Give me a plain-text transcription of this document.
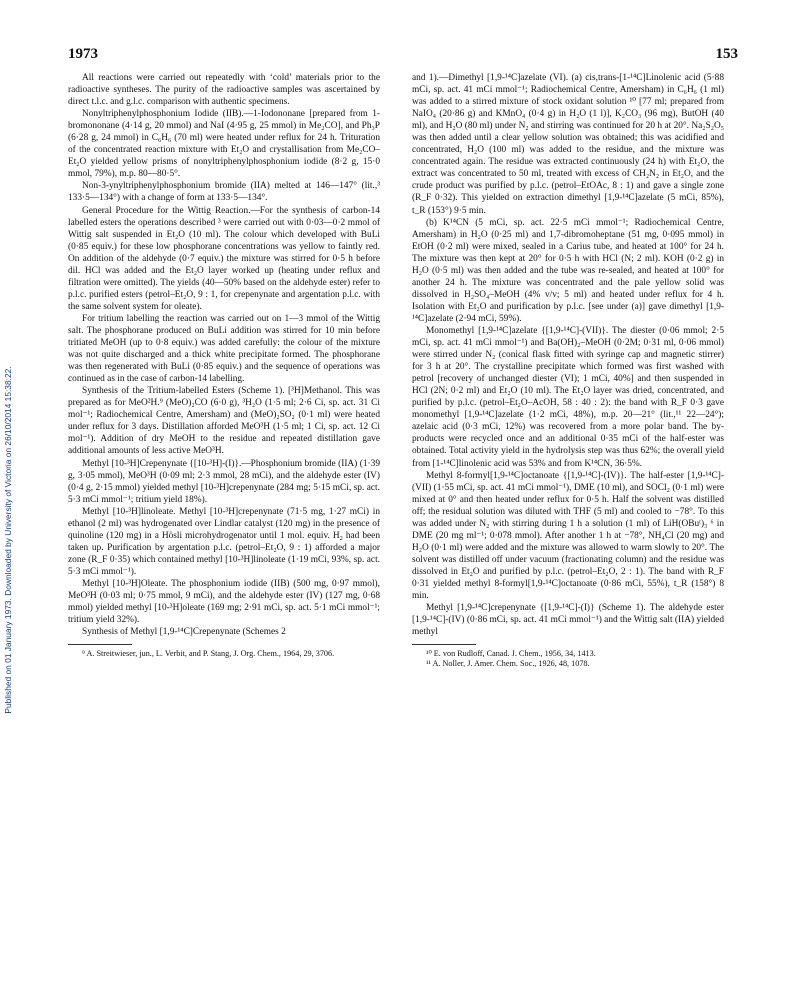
1973	153
Published on 01 January 1973. Downloaded by University of Victoria on 26/10/2014 15:38:22.

All reactions were carried out repeatedly with ‘cold’ materials prior to the radioactive syntheses. The purity of the radioactive samples was ascertained by direct t.l.c. and g.l.c. comparison with authentic specimens.

Nonyltriphenylphosphonium Iodide (IIB).—1-Iodononane [prepared from 1-bromononane (4·14 g, 20 mmol) and NaI (4·95 g, 25 mmol) in Me₂CO], and Ph₃P (6·28 g, 24 mmol) in C₆H₆ (70 ml) were heated under reflux for 24 h. Trituration of the concentrated reaction mixture with Et₂O and crystallisation from Me₂CO–Et₂O yielded yellow prisms of nonyltriphenylphosphonium iodide (8·2 g, 15·0 mmol, 79%), m.p. 80—80·5°.

Non-3-ynyltriphenylphosphonium bromide (IIA) melted at 146—147° (lit.,³ 133·5—134°) with a change of form at 133·5—134°.

General Procedure for the Wittig Reaction.—For the synthesis of carbon-14 labelled esters the operations described ³ were carried out with 0·03—0·2 mmol of Wittig salt suspended in Et₂O (10 ml). The colour which developed with BuLi (0·85 equiv.) for these low phosphorane concentrations was yellow to faintly red. On addition of the aldehyde (0·7 equiv.) the mixture was stirred for 0·5 h before dil. HCl was added and the Et₂O layer worked up (heating under reflux and filtration were omitted). The yields (40—50% based on the aldehyde ester) refer to p.l.c. purified esters (petrol–Et₂O, 9 : 1, for crepenynate and argentation p.l.c. with the same solvent system for oleate).

For tritium labelling the reaction was carried out on 1—3 mmol of the Wittig salt. The phosphorane produced on BuLi addition was stirred for 10 min before tritiated MeOH (up to 0·8 equiv.) was added carefully: the colour of the mixture was not quite discharged and a thick white precipitate formed. The phosphorane was then regenerated with BuLi (0·85 equiv.) and the sequence of operations was continued as in the case of carbon-14 labelling.

Synthesis of the Tritium-labelled Esters (Scheme 1). [³H]Methanol. This was prepared as for MeO²H.⁹ (MeO)₂CO (6·0 g), ³H₂O (1·5 ml; 2·6 Ci, sp. act. 31 Ci mol⁻¹; Radiochemical Centre, Amersham) and (MeO)₂SO₂ (0·1 ml) were heated under reflux for 3 days. Distillation afforded MeO³H (1·5 ml; 1 Ci, sp. act. 12 Ci mol⁻¹). Addition of dry MeOH to the residue and repeated distillation gave additional amounts of less active MeO³H.

Methyl [10-³H]Crepenynate {[10-³H]-(I)}.—Phosphonium bromide (IIA) (1·39 g, 3·05 mmol), MeO³H (0·09 ml; 2·3 mmol, 28 mCi), and the aldehyde ester (IV) (0·4 g, 2·15 mmol) yielded methyl [10-³H]crepenynate (284 mg; 5·15 mCi, sp. act. 5·3 mCi mmol⁻¹; tritium yield 18%).

Methyl [10-³H]linoleate. Methyl [10-³H]crepenynate (71·5 mg, 1·27 mCi) in ethanol (2 ml) was hydrogenated over Lindlar catalyst (120 mg) in the presence of quinoline (120 mg) in a Hösli microhydrogenator until 1 mol. equiv. H₂ had been taken up. Purification by argentation p.l.c. (petrol–Et₂O, 9 : 1) afforded a major zone (R_F 0·35) which contained methyl [10-³H]linoleate (1·19 mCi, 93%, sp. act. 5·3 mCi mmol⁻¹).

Methyl [10-³H]Oleate. The phosphonium iodide (IIB) (500 mg, 0·97 mmol), MeO³H (0·03 ml; 0·75 mmol, 9 mCi), and the aldehyde ester (IV) (127 mg, 0·68 mmol) yielded methyl [10-³H]oleate (169 mg; 2·91 mCi, sp. act. 5·1 mCi mmol⁻¹; tritium yield 32%).

Synthesis of Methyl [1,9-¹⁴C]Crepenynate (Schemes 2

⁹ A. Streitwieser, jun., L. Verbit, and P. Stang, J. Org. Chem., 1964, 29, 3706.

and 1).—Dimethyl [1,9-¹⁴C]azelate (VI). (a) cis,trans-[1-¹⁴C]Linolenic acid (5·88 mCi, sp. act. 41 mCi mmol⁻¹; Radiochemical Centre, Amersham) in C₆H₆ (1 ml) was added to a stirred mixture of stock oxidant solution ¹⁰ [77 ml; prepared from NaIO₄ (20·86 g) and KMnO₄ (0·4 g) in H₂O (1 l)], K₂CO₃ (96 mg), ButOH (40 ml), and H₂O (80 ml) under N₂ and stirring was continued for 20 h at 20°. Na₂S₂O₅ was then added until a clear yellow solution was obtained; this was acidified and concentrated, H₂O (100 ml) was added to the residue, and the mixture was concentrated again. The residue was extracted continuously (24 h) with Et₂O, the extract was concentrated to 50 ml, treated with excess of CH₂N₂ in Et₂O, and the crude product was purified by p.l.c. (petrol–EtOAc, 8 : 1) and gave a single zone (R_F 0·32). This yielded on extraction dimethyl [1,9-¹⁴C]azelate (5 mCi, 85%), t_R (153°) 9·5 min.

(b) K¹⁴CN (5 mCi, sp. act. 22·5 mCi mmol⁻¹; Radiochemical Centre, Amersham) in H₂O (0·25 ml) and 1,7-dibromoheptane (51 mg, 0·095 mmol) in EtOH (0·2 ml) were mixed, sealed in a Carius tube, and heated at 100° for 24 h. The mixture was then kept at 20° for 0·5 h with HCl (N; 2 ml). KOH (0·2 g) in H₂O (0·5 ml) was then added and the tube was re-sealed, and heated at 100° for another 24 h. The mixture was concentrated and the pale yellow solid was dissolved in H₂SO₄–MeOH (4% v/v; 5 ml) and heated under reflux for 4 h. Isolation with Et₂O and purification by p.l.c. [see under (a)] gave dimethyl [1,9-¹⁴C]azelate (2·94 mCi, 59%).

Monomethyl [1,9-¹⁴C]azelate {[1,9-¹⁴C]-(VII)}. The diester (0·06 mmol; 2·5 mCi, sp. act. 41 mCi mmol⁻¹) and Ba(OH)₂–MeOH (0·2M; 0·31 ml, 0·06 mmol) were stirred under N₂ (conical flask fitted with syringe cap and magnetic stirrer) for 3 h at 20°. The crystalline precipitate which formed was first washed with petrol [recovery of unchanged diester (VI); 1 mCi, 40%] and then suspended in HCl (2N; 0·2 ml) and Et₂O (10 ml). The Et₂O layer was dried, concentrated, and purified by p.l.c. (petrol–Et₂O–AcOH, 58 : 40 : 2): the band with R_F 0·3 gave monomethyl [1,9-¹⁴C]azelate (1·2 mCi, 48%), m.p. 20—21° (lit.,¹¹ 22—24°); azelaic acid (0·3 mCi, 12%) was recovered from a more polar band. The by-products were recycled once and an additional 0·35 mCi of the half-ester was obtained. Total activity yield in the hydrolysis step was thus 62%; the overall yield from [1-¹⁴C]linolenic acid was 53% and from K¹⁴CN, 36·5%.

Methyl 8-formyl[1,9-¹⁴C]octanoate {[1,9-¹⁴C]-(IV)}. The half-ester [1,9-¹⁴C]-(VII) (1·55 mCi, sp. act. 41 mCi mmol⁻¹), DME (10 ml), and SOCl₂ (0·1 ml) were mixed at 0° and then heated under reflux for 0·5 h. Half the solvent was distilled off; the residual solution was diluted with THF (5 ml) and cooled to −78°. To this was added under N₂ with stirring during 1 h a solution (1 ml) of LiH(OBuᵗ)₃ ⁶ in DME (20 mg ml⁻¹; 0·078 mmol). After another 1 h at −78°, NH₄Cl (20 mg) and H₂O (0·1 ml) were added and the mixture was allowed to warm slowly to 20°. The solvent was distilled off under vacuum (fractionating column) and the residue was dissolved in Et₂O and purified by p.l.c. (petrol–Et₂O, 2 : 1). The band with R_F 0·31 yielded methyl 8-formyl[1,9-¹⁴C]octanoate (0·86 mCi, 55%), t_R (158°) 8 min.

Methyl [1,9-¹⁴C]crepenynate {[1,9-¹⁴C]-(I)} (Scheme 1). The aldehyde ester [1,9-¹⁴C]-(IV) (0·86 mCi, sp. act. 41 mCi mmol⁻¹) and the Wittig salt (IIA) yielded methyl

¹⁰ E. von Rudloff, Canad. J. Chem., 1956, 34, 1413.

¹¹ A. Noller, J. Amer. Chem. Soc., 1926, 48, 1078.
